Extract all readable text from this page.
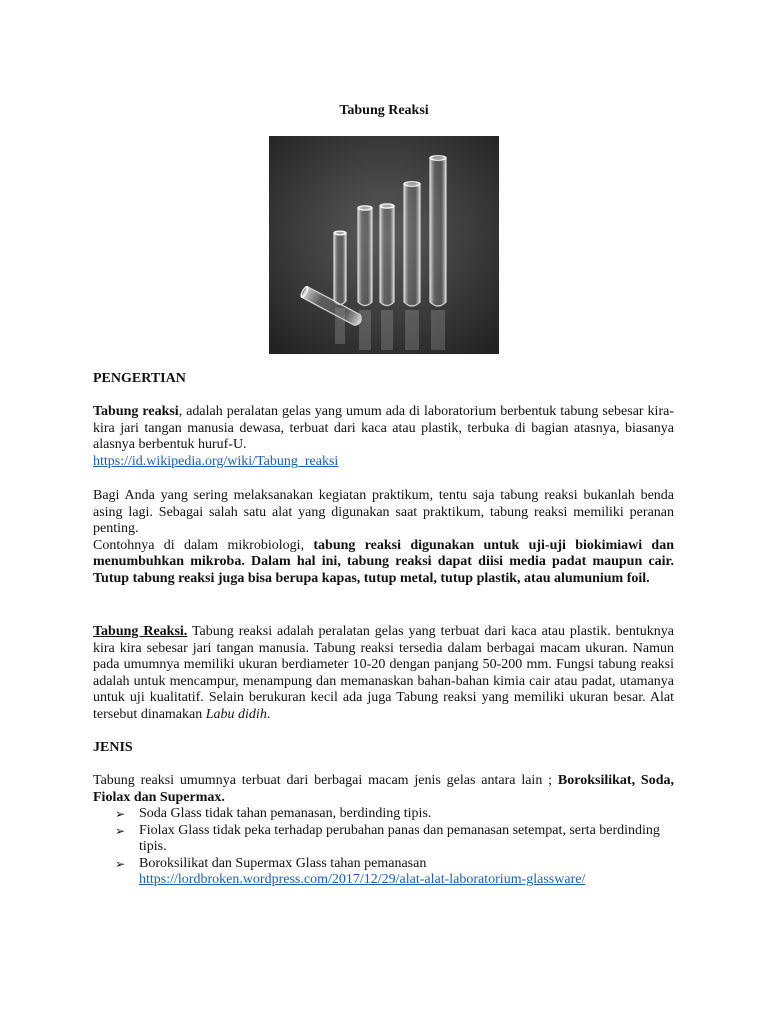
Tabung Reaksi
PENGERTIAN
Tabung reaksi, adalah peralatan gelas yang umum ada di laboratorium berbentuk tabung sebesar kira-kira jari tangan manusia dewasa, terbuat dari kaca atau plastik, terbuka di bagian atasnya, biasanya alasnya berbentuk huruf-U.
https://id.wikipedia.org/wiki/Tabung_reaksi
Bagi Anda yang sering melaksanakan kegiatan praktikum, tentu saja tabung reaksi bukanlah benda asing lagi. Sebagai salah satu alat yang digunakan saat praktikum, tabung reaksi memiliki peranan penting.
Contohnya di dalam mikrobiologi, tabung reaksi digunakan untuk uji-uji biokimiawi dan menumbuhkan mikroba. Dalam hal ini, tabung reaksi dapat diisi media padat maupun cair. Tutup tabung reaksi juga bisa berupa kapas, tutup metal, tutup plastik, atau alumunium foil.
Tabung Reaksi. Tabung reaksi adalah peralatan gelas yang terbuat dari kaca atau plastik. bentuknya kira kira sebesar jari tangan manusia. Tabung reaksi tersedia dalam berbagai macam ukuran. Namun pada umumnya memiliki ukuran berdiameter 10-20 dengan panjang 50-200 mm. Fungsi tabung reaksi adalah untuk mencampur, menampung dan memanaskan bahan-bahan kimia cair atau padat, utamanya untuk uji kualitatif. Selain berukuran kecil ada juga Tabung reaksi yang memiliki ukuran besar. Alat tersebut dinamakan Labu didih.
JENIS
Tabung reaksi umumnya terbuat dari berbagai macam jenis gelas antara lain ; Boroksilikat, Soda, Fiolax dan Supermax.
➢ Soda Glass tidak tahan pemanasan, berdinding tipis.
➢ Fiolax Glass tidak peka terhadap perubahan panas dan pemanasan setempat, serta berdinding tipis.
➢ Boroksilikat dan Supermax Glass tahan pemanasan
https://lordbroken.wordpress.com/2017/12/29/alat-alat-laboratorium-glassware/
